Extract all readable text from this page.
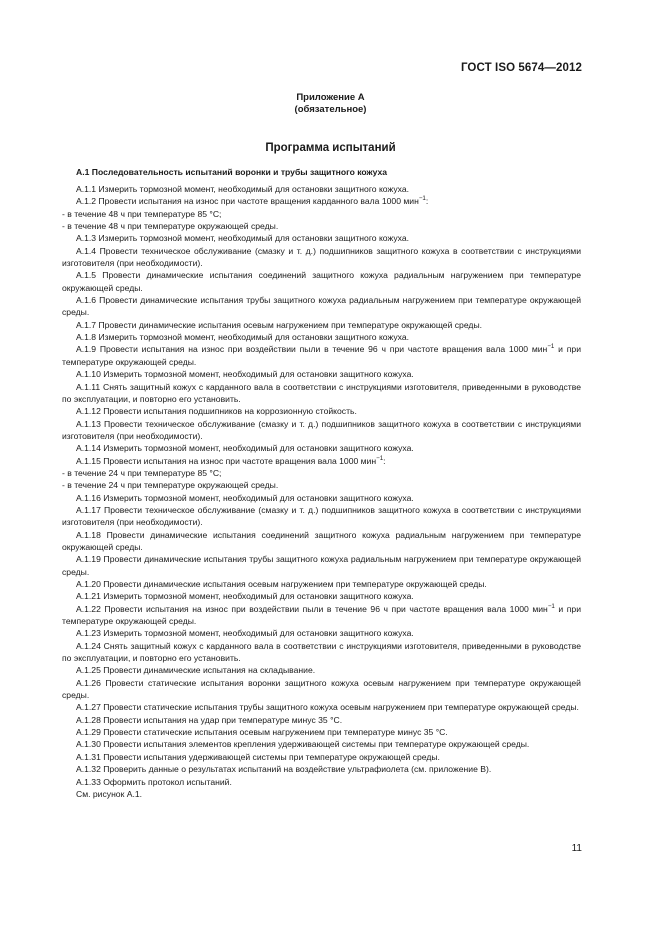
ГОСТ ISO 5674—2012
Приложение А
(обязательное)
Программа испытаний
А.1 Последовательность испытаний воронки и трубы защитного кожуха

А.1.1 Измерить тормозной момент, необходимый для остановки защитного кожуха.

А.1.2 Провести испытания на износ при частоте вращения карданного вала 1000 мин$^{-1}$:

- в течение 48 ч при температуре 85 °С;

- в течение 48 ч при температуре окружающей среды.

А.1.3 Измерить тормозной момент, необходимый для остановки защитного кожуха.

А.1.4 Провести техническое обслуживание (смазку и т. д.) подшипников защитного кожуха в соответствии с инструкциями изготовителя (при необходимости).

А.1.5 Провести динамические испытания соединений защитного кожуха радиальным нагружением при температуре окружающей среды.

А.1.6 Провести динамические испытания трубы защитного кожуха радиальным нагружением при температуре окружающей среды.

А.1.7 Провести динамические испытания осевым нагружением при температуре окружающей среды.

А.1.8 Измерить тормозной момент, необходимый для остановки защитного кожуха.

А.1.9 Провести испытания на износ при воздействии пыли в течение 96 ч при частоте вращения вала 1000 мин$^{-1}$ и при температуре окружающей среды.

А.1.10 Измерить тормозной момент, необходимый для остановки защитного кожуха.

А.1.11 Снять защитный кожух с карданного вала в соответствии с инструкциями изготовителя, приведенными в руководстве по эксплуатации, и повторно его установить.

А.1.12 Провести испытания подшипников на коррозионную стойкость.

А.1.13 Провести техническое обслуживание (смазку и т. д.) подшипников защитного кожуха в соответствии с инструкциями изготовителя (при необходимости).

А.1.14 Измерить тормозной момент, необходимый для остановки защитного кожуха.

А.1.15 Провести испытания на износ при частоте вращения вала 1000 мин$^{-1}$:

- в течение 24 ч при температуре 85 °С;

- в течение 24 ч при температуре окружающей среды.

А.1.16 Измерить тормозной момент, необходимый для остановки защитного кожуха.

А.1.17 Провести техническое обслуживание (смазку и т. д.) подшипников защитного кожуха в соответствии с инструкциями изготовителя (при необходимости).

А.1.18 Провести динамические испытания соединений защитного кожуха радиальным нагружением при температуре окружающей среды.

А.1.19 Провести динамические испытания трубы защитного кожуха радиальным нагружением при температуре окружающей среды.

А.1.20 Провести динамические испытания осевым нагружением при температуре окружающей среды.

А.1.21 Измерить тормозной момент, необходимый для остановки защитного кожуха.

А.1.22 Провести испытания на износ при воздействии пыли в течение 96 ч при частоте вращения вала 1000 мин$^{-1}$ и при температуре окружающей среды.

А.1.23 Измерить тормозной момент, необходимый для остановки защитного кожуха.

А.1.24 Снять защитный кожух с карданного вала в соответствии с инструкциями изготовителя, приведенными в руководстве по эксплуатации, и повторно его установить.

А.1.25 Провести динамические испытания на складывание.

А.1.26 Провести статические испытания воронки защитного кожуха осевым нагружением при температуре окружающей среды.

А.1.27 Провести статические испытания трубы защитного кожуха осевым нагружением при температуре окружающей среды.

А.1.28 Провести испытания на удар при температуре минус 35 °С.

А.1.29 Провести статические испытания осевым нагружением при температуре минус 35 °С.

А.1.30 Провести испытания элементов крепления удерживающей системы при температуре окружающей среды.

А.1.31 Провести испытания удерживающей системы при температуре окружающей среды.

А.1.32 Проверить данные о результатах испытаний на воздействие ультрафиолета (см. приложение В).

А.1.33 Оформить протокол испытаний.

См. рисунок А.1.

11
